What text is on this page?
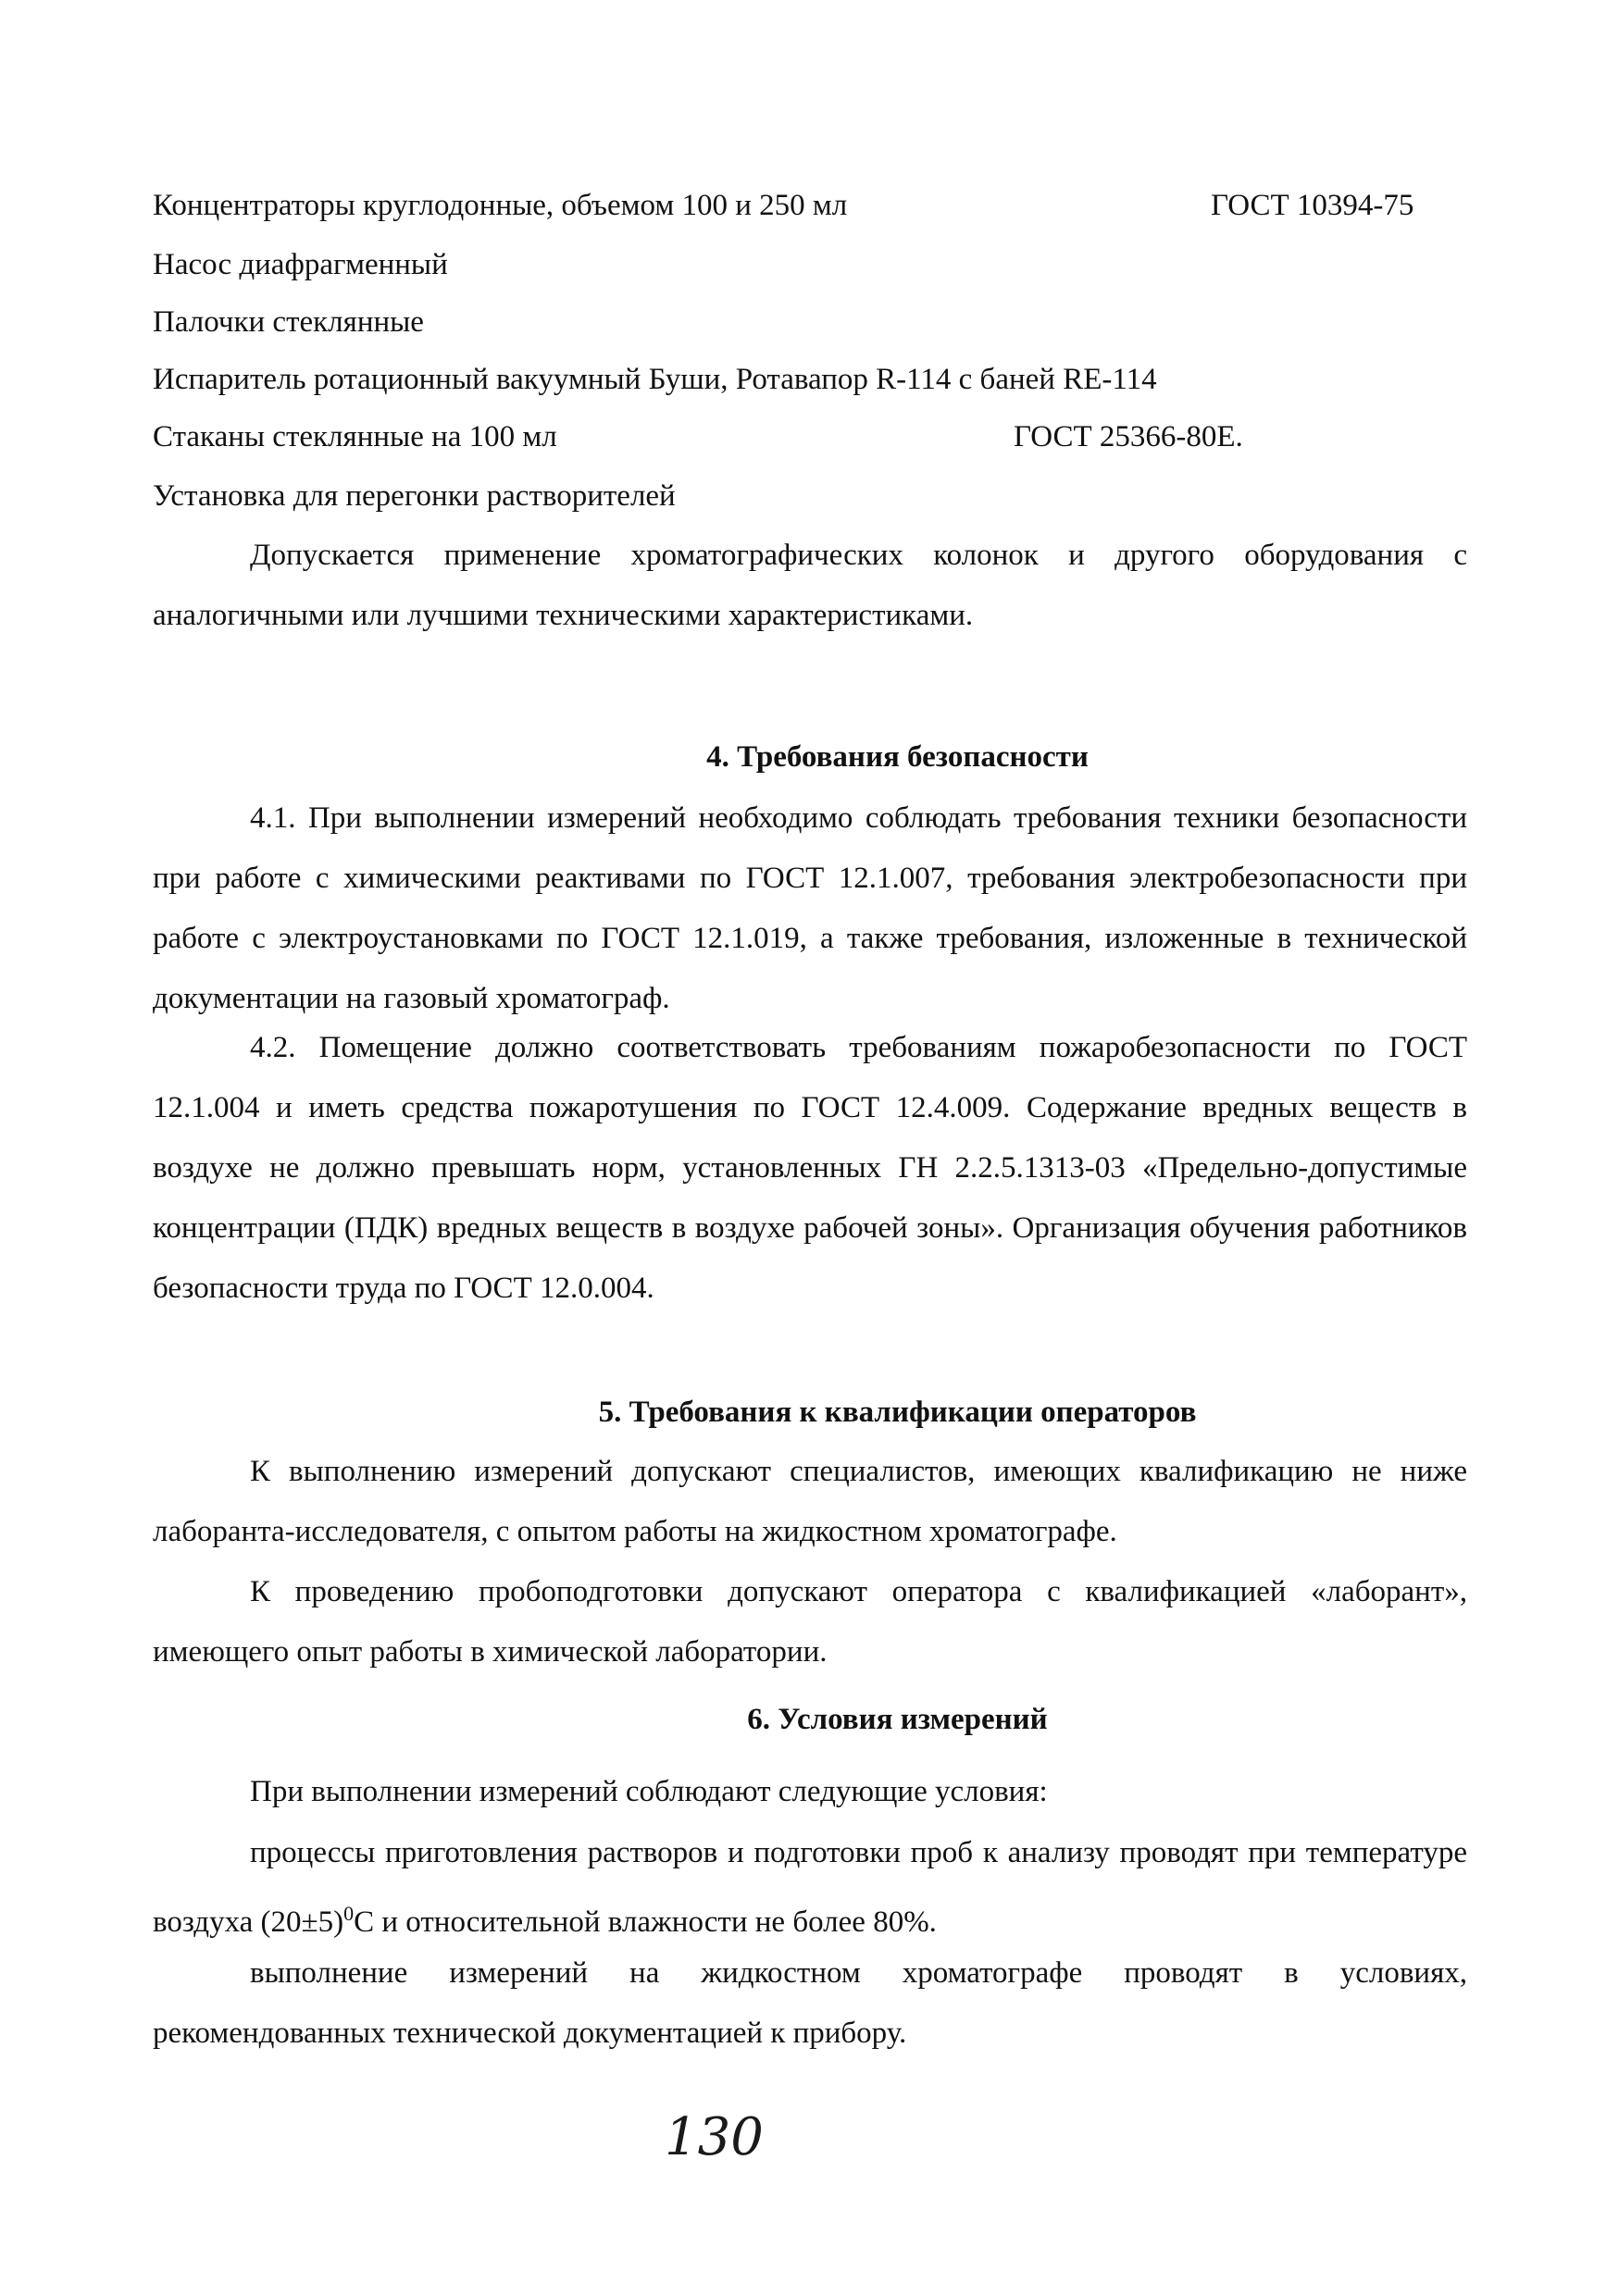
Концентраторы круглодонные, объемом 100 и 250 мл	ГОСТ 10394-75
Насос диафрагменный
Палочки стеклянные
Испаритель ротационный вакуумный Буши, Ротавапор R-114 с баней RE-114
Стаканы стеклянные на 100 мл	ГОСТ 25366-80Е.
Установка для перегонки растворителей
Допускается применение хроматографических колонок и другого оборудования с аналогичными или лучшими техническими характеристиками.
4. Требования безопасности
4.1. При выполнении измерений необходимо соблюдать требования техники безопасности при работе с химическими реактивами по ГОСТ 12.1.007, требования электробезопасности при работе с электроустановками по ГОСТ 12.1.019, а также требования, изложенные в технической документации на газовый хроматограф.
4.2. Помещение должно соответствовать требованиям пожаробезопасности по ГОСТ 12.1.004 и иметь средства пожаротушения по ГОСТ 12.4.009. Содержание вредных веществ в воздухе не должно превышать норм, установленных ГН 2.2.5.1313-03 «Предельно-допустимые концентрации (ПДК) вредных веществ в воздухе рабочей зоны». Организация обучения работников безопасности труда по ГОСТ 12.0.004.
5. Требования к квалификации операторов
К выполнению измерений допускают специалистов, имеющих квалификацию не ниже лаборанта-исследователя, с опытом работы на жидкостном хроматографе.
К проведению пробоподготовки допускают оператора с квалификацией «лаборант», имеющего опыт работы в химической лаборатории.
6. Условия измерений
При выполнении измерений соблюдают следующие условия:
процессы приготовления растворов и подготовки проб к анализу проводят при температуре воздуха $(20\pm 5)^0С$ и относительной влажности не более 80%.
выполнение измерений на жидкостном хроматографе проводят в условиях, рекомендованных технической документацией к прибору.
130
